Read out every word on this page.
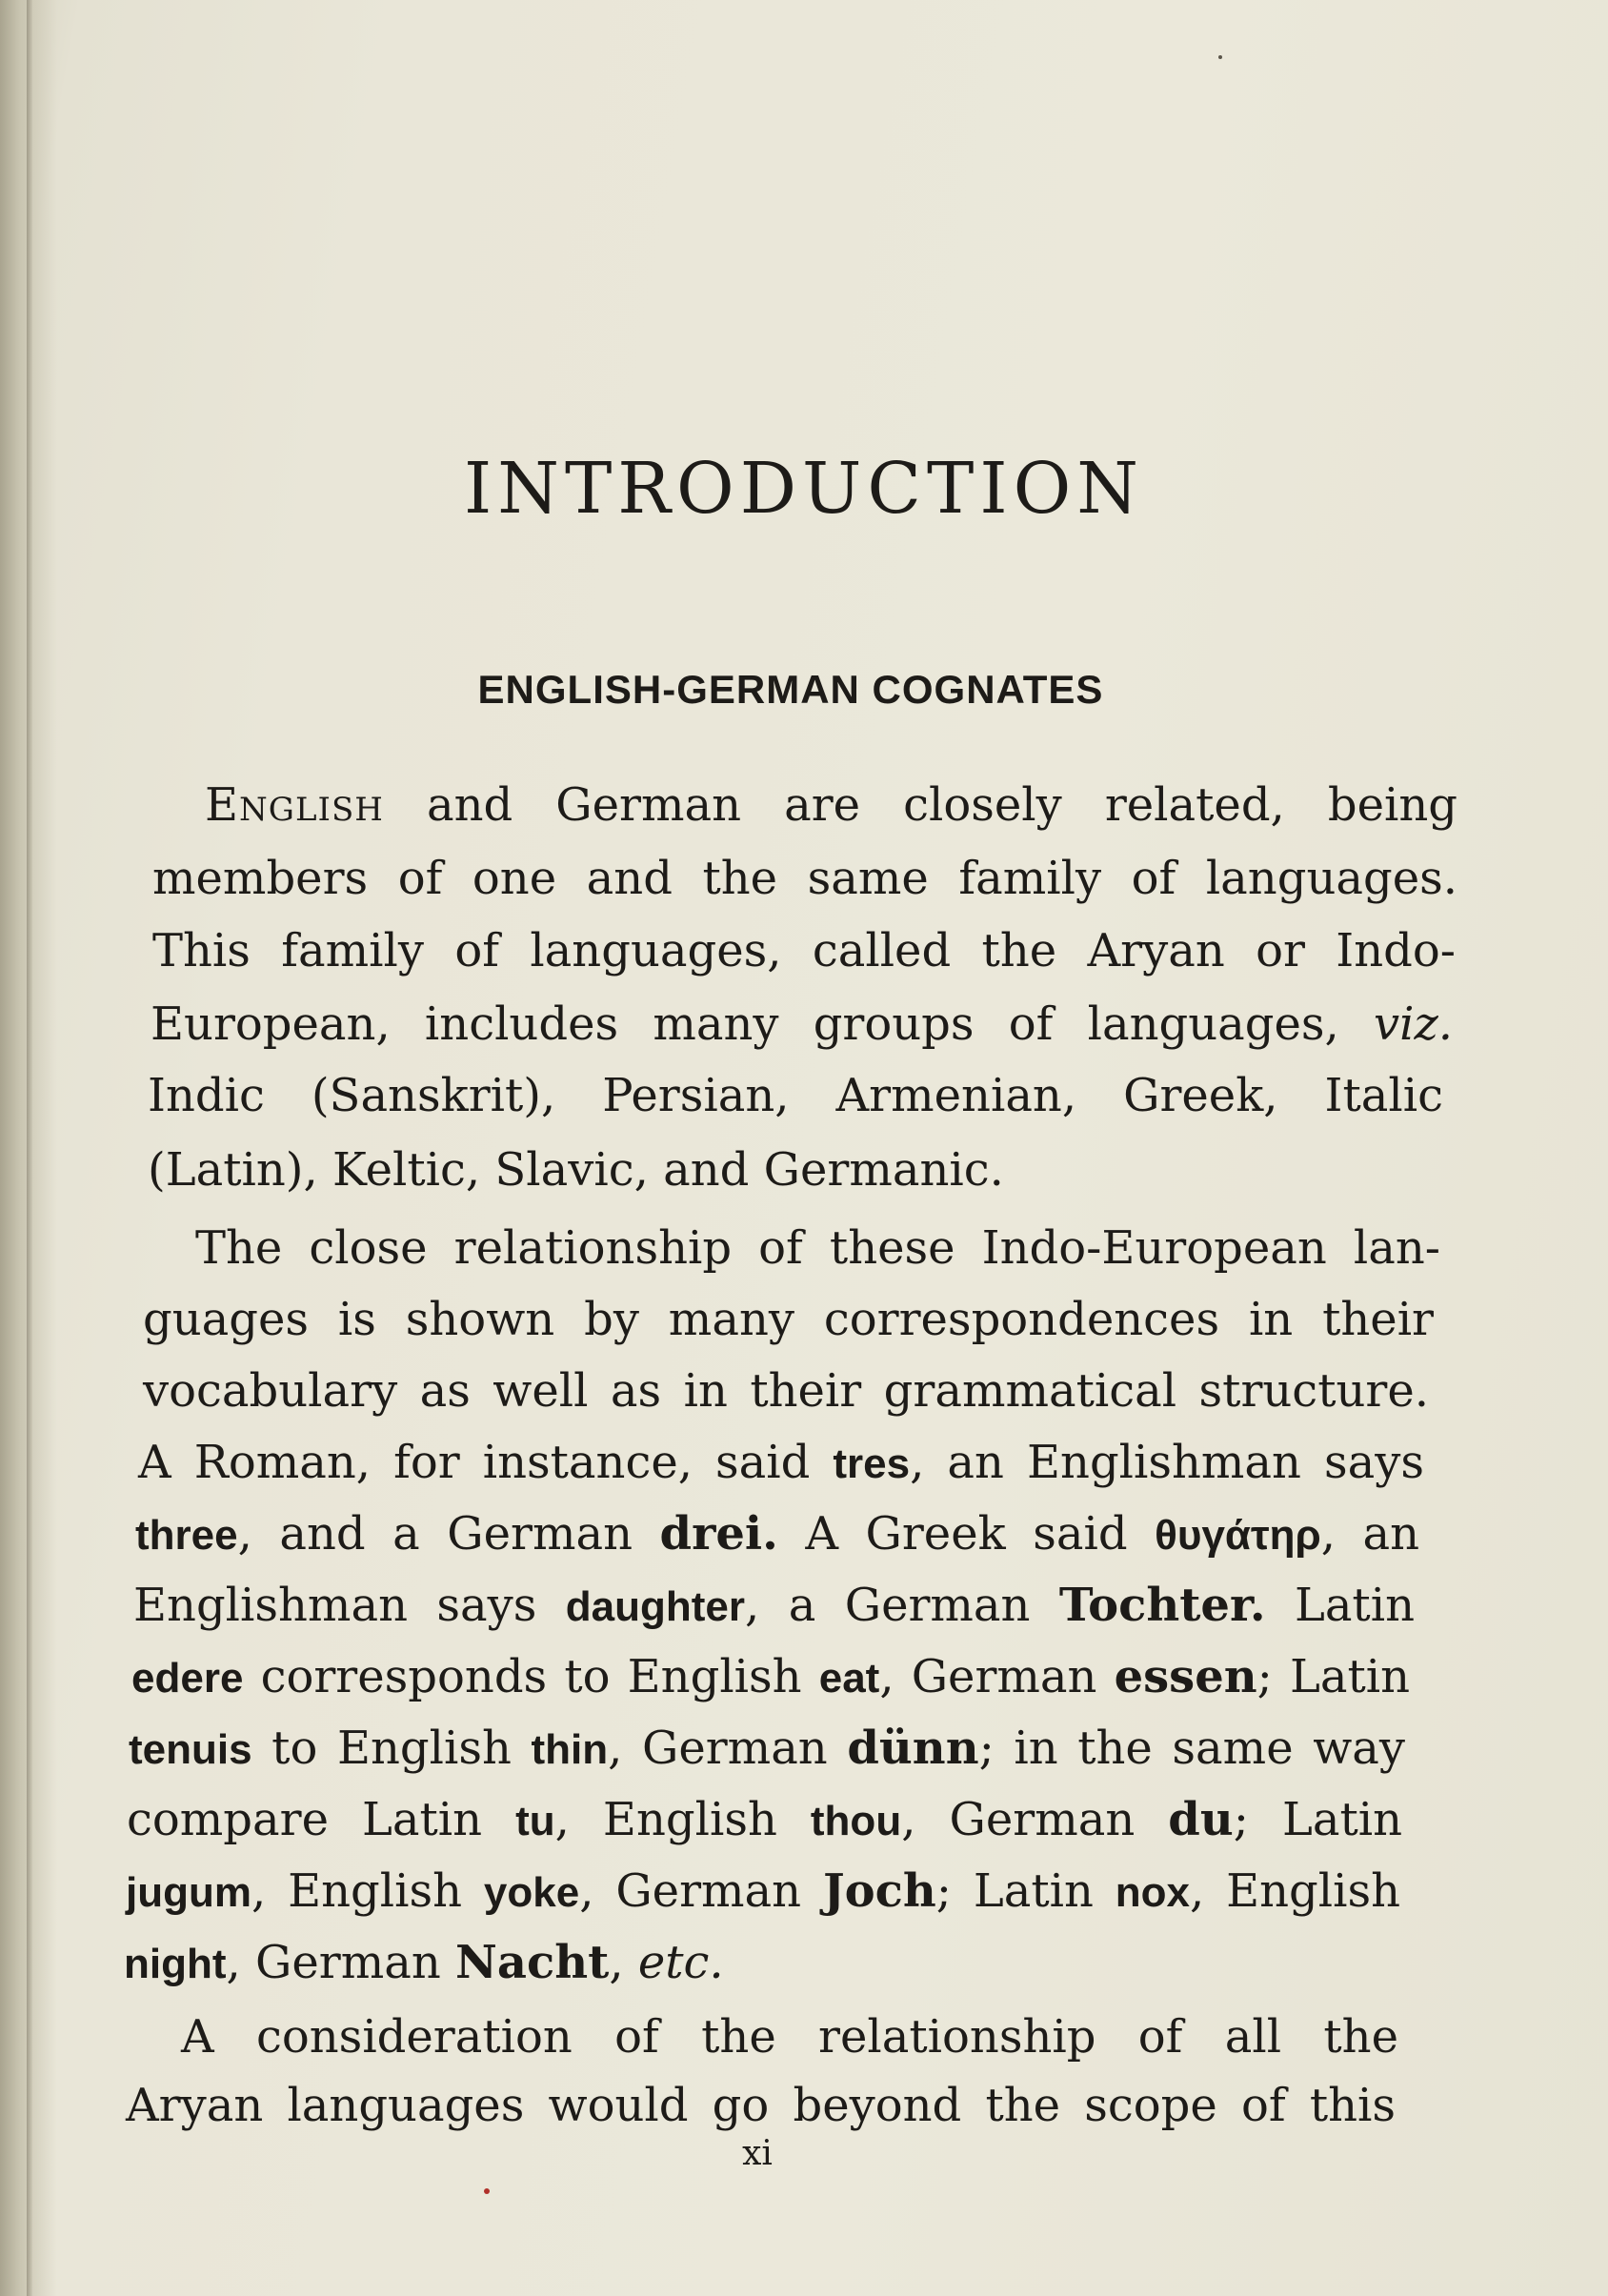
INTRODUCTION
ENGLISH-GERMAN COGNATES

English and German are closely related, being

members of one and the same family of languages.

This family of languages, called the Aryan or Indo-

European, includes many groups of languages, viz.

Indic (Sanskrit), Persian, Armenian, Greek, Italic

(Latin), Keltic, Slavic, and Germanic.

The close relationship of these Indo-European lan-

guages is shown by many correspondences in their

vocabulary as well as in their grammatical structure.

A Roman, for instance, said tres, an Englishman says

three, and a German drei. A Greek said θυγάτηρ, an

Englishman says daughter, a German Tochter. Latin

edere corresponds to English eat, German essen; Latin

tenuis to English thin, German dünn; in the same way

compare Latin tu, English thou, German du; Latin

jugum, English yoke, German Joch; Latin nox, English

night, German Nacht, etc.

A consideration of the relationship of all the

Aryan languages would go beyond the scope of this

xi
